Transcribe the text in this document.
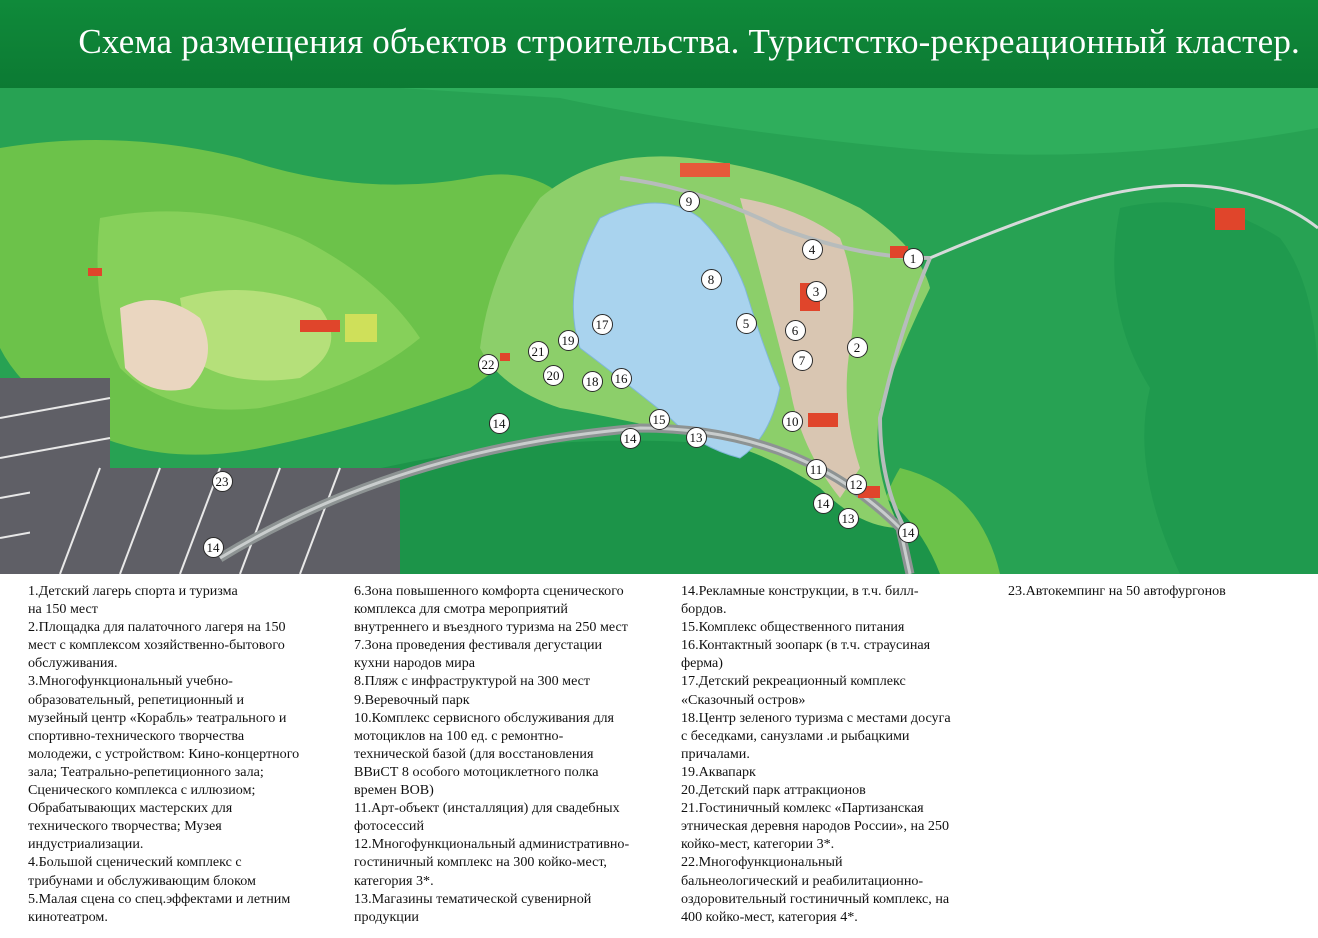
Схема размещения объектов строительства. Туристстко-рекреационный кластер.
1
2
3
4
5	6
7
8
9
10
11
12
13
13
14
14
14
14
14
15
16
17
18
19
20
21
22
23
1.Детский лагерь спорта и туризма
на 150 мест
2.Площадка для палаточного лагеря на 150
мест с комплексом хозяйственно-бытового
обслуживания.
3.Многофункциональный учебно-
образовательный, репетиционный и
музейный центр «Корабль» театрального и
спортивно-технического творчества
молодежи, с устройством: Кино-концертного
зала; Театрально-репетиционного зала;
Сценического комплекса с иллюзиом;
Обрабатывающих мастерских для
технического творчества; Музея
индустриализации.
4.Большой сценический комплекс с
трибунами и обслуживающим блоком
5.Малая сцена со спец.эффектами и летним
кинотеатром.
6.Зона повышенного комфорта сценического
комплекса для смотра мероприятий
внутреннего и въездного туризма на 250 мест
7.Зона проведения фестиваля дегустации
кухни народов мира
8.Пляж с инфраструктурой на 300 мест
9.Веревочный парк
10.Комплекс сервисного обслуживания для
мотоциклов на 100 ед. с ремонтно-
технической базой (для восстановления
ВВиСТ 8 особого мотоциклетного полка
времен ВОВ)
11.Арт-объект (инсталляция) для свадебных
фотосессий
12.Многофункциональный административно-
гостиничный комплекс на 300 койко-мест,
категория 3*.
13.Магазины тематической сувенирной
продукции
14.Рекламные конструкции, в т.ч. билл-
бордов.
15.Комплекс общественного питания
16.Контактный зоопарк (в т.ч. страусиная
ферма)
17.Детский рекреационный комплекс
«Сказочный остров»
18.Центр зеленого туризма с местами досуга
с беседками, санузлами .и рыбацкими
причалами.
19.Аквапарк
20.Детский парк аттракционов
21.Гостиничный комлекс «Партизанская
этническая деревня народов России», на 250
койко-мест, категории 3*.
22.Многофункциональный
бальнеологический и реабилитационно-
оздоровительный гостиничный комплекс, на
400 койко-мест, категория 4*.
23.Автокемпинг на 50 автофургонов
